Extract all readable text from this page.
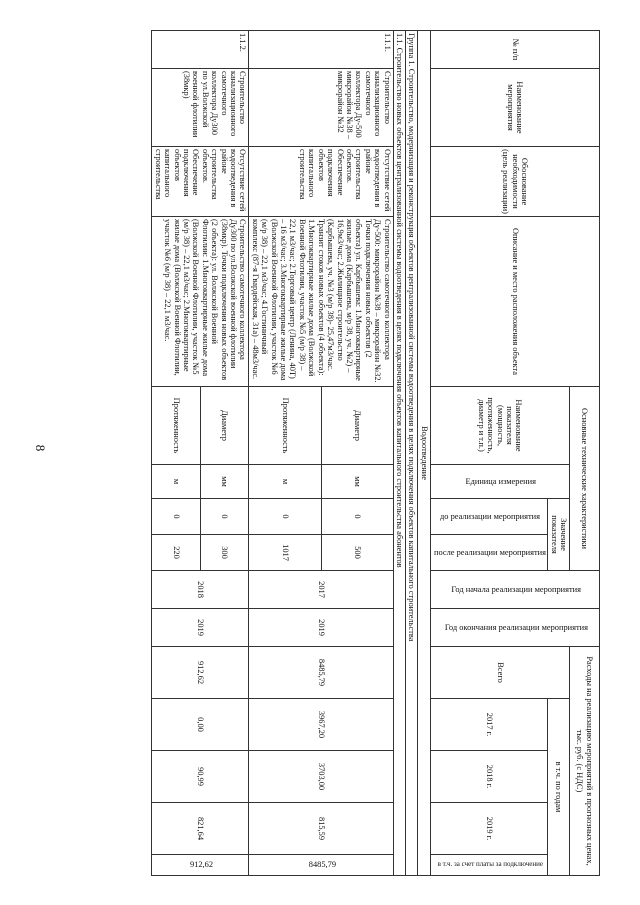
8
№ п/п	Наименование мероприятия	Обоснование необходимости (цель реализации)	Описание и место расположения объекта	Основные технические характеристики				Год начала реализации мероприятия	Год окончания реализации мероприятия	Расходы на реализацию мероприятий в прогнозных ценах, тыс. руб. (с НДС)				
				Наименование показателя (мощность, протяженность, диаметр и т.п.)	Единица измерения	Значение показателя				Всего	в т.ч. по годам			
						до реализации мероприятия	после реализации мероприятия				2017 г.	2018 г.	2019 г.	в т.ч. за счет платы за подключение

Водоотведение														
Группа 1. Строительство, модернизация и реконструкция объектов централизованной системы водоотведения в целях подключения объектов капитального строительства														
1.1. Строительство новых объектов централизованной системы водоотведения в целях подключения объектов капитального строительства абонентов														
1.1.1.	Строительство канализационного самотечного коллектора Ду-500 микрорайон №38 – микрорайон №32	Отсутствие сетей водоотведения в районе строительства объектов. Обеспечение подключения объектов капитального строительства	Строительство самотечного коллектора Ду-500: микрорайон №38 – микрорайон №32. Точки подключения новых объектов (2 объекта) ул. Карбышева: 1.Многоквартирные жилые дома (Карбышева, м/р 38, уч. №2) – 16,9м3/час; 2.Жилищное строительство (Карбышева, уч. №3 (м/р 38)- 25,47м3/час. Транзит стоков новых объектов (4 объекта): 1.Многоквартирные жилые дома (Волжской Военной Флотилии, участок №5 (м/р 38) – 22,1 м3/час; 2.Торговый центр (Ленина, 40Т) – 16 м3/час; 3.Многоквартирные жилые дома (Волжской Военной Флотилии, участок №6 (м/р 38) – 22,1 м3/час; 4.Гостиничный комплекс (87-я Гвардейская, 31а) – 48м3/час.	Диаметр	мм	0	500	2017	2019	8485,79	3967,20	3703,00	815,59	8485,79
				Протяженность	м	0	1017							
1.1.2.	Строительство канализационного самотечного коллектора Ду300 по ул.Волжской военной флотилии (38мкр)	Отсутствие сетей водоотведения в районе строительства объектов. Обеспечение подключения объектов капитального строительства	Строительство самотечного коллектора Ду300 по ул.Волжской военной флотилии (38мкр). Точки подключения новых объектов (2 объекта): ул. Волжской Военной Флотилии: 1.Многоквартирные жилые дома (Волжской Военной Флотилии, участок №5 (м/р 38) – 22,1 м3/час; 2.Многоквартирные жилые дома (Волжской Военной Флотилии, участок №6 (м/р 38) – 22,1 м3/час.	Диаметр	мм	0	300	2018	2019	912,62	0,00	90,99	821,64	912,62
				Протяженность	м	0	220							
